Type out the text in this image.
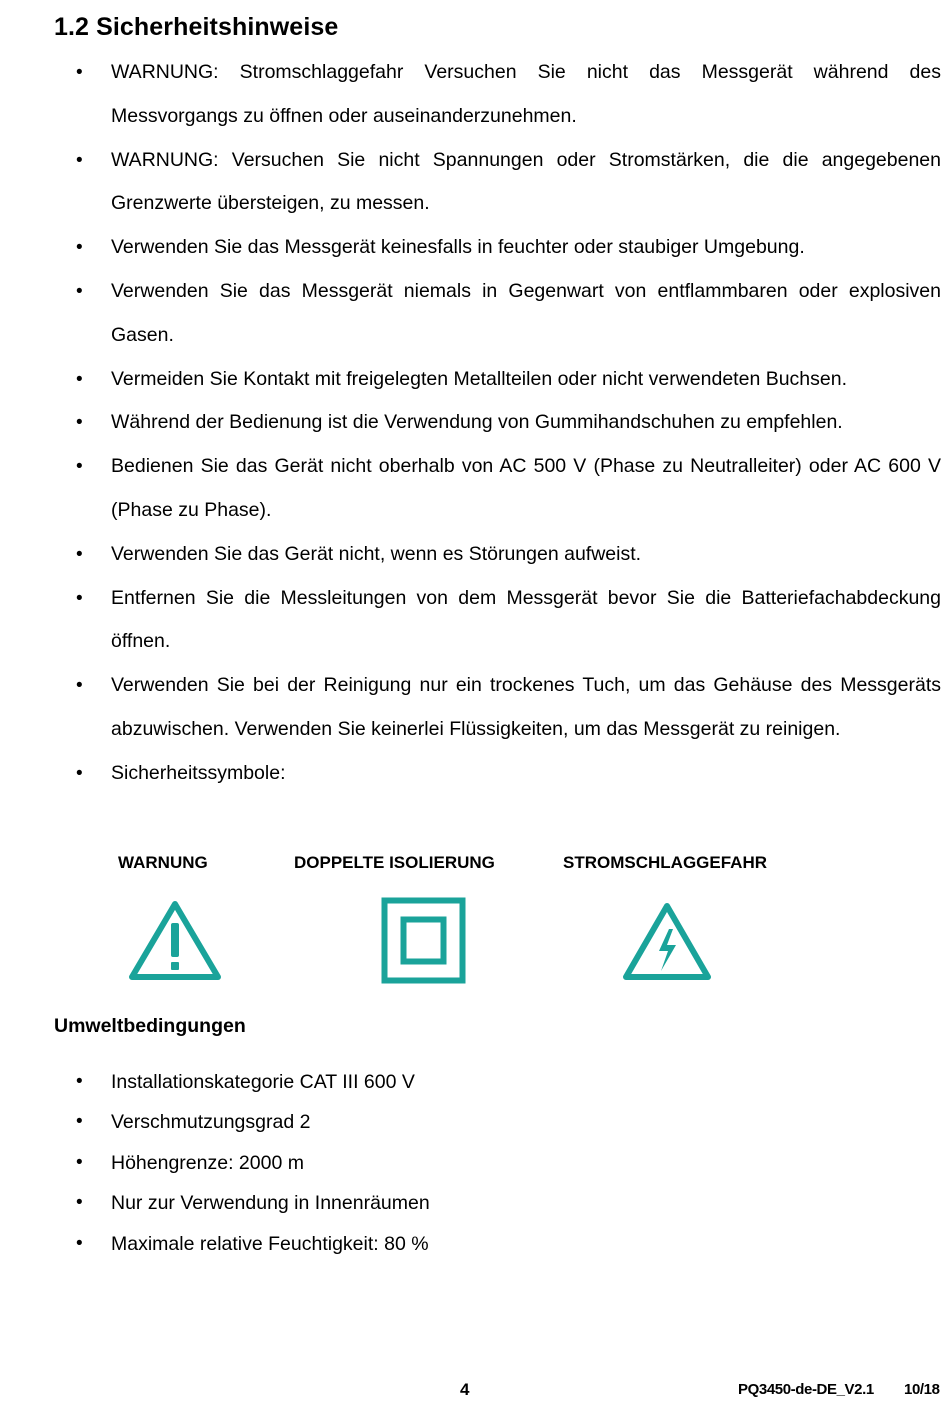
1.2 Sicherheitshinweise
• WARNUNG: Stromschlaggefahr Versuchen Sie nicht das Messgerät während des Messvorgangs zu öffnen oder auseinanderzunehmen.
• WARNUNG: Versuchen Sie nicht Spannungen oder Stromstärken, die die angegebenen Grenzwerte übersteigen, zu messen.
• Verwenden Sie das Messgerät keinesfalls in feuchter oder staubiger Umgebung.
• Verwenden Sie das Messgerät niemals in Gegenwart von entflammbaren oder explosiven Gasen.
• Vermeiden Sie Kontakt mit freigelegten Metallteilen oder nicht verwendeten Buchsen.
• Während der Bedienung ist die Verwendung von Gummihandschuhen zu empfehlen.
• Bedienen Sie das Gerät nicht oberhalb von AC 500 V (Phase zu Neutralleiter) oder AC 600 V (Phase zu Phase).
• Verwenden Sie das Gerät nicht, wenn es Störungen aufweist.
• Entfernen Sie die Messleitungen von dem Messgerät bevor Sie die Batteriefachabdeckung öffnen.
• Verwenden Sie bei der Reinigung nur ein trockenes Tuch, um das Gehäuse des Messgeräts abzuwischen. Verwenden Sie keinerlei Flüssigkeiten, um das Messgerät zu reinigen.
• Sicherheitssymbole:

WARNUNG	DOPPELTE ISOLIERUNG	STROMSCHLAGGEFAHR

Umweltbedingungen
• Installationskategorie CAT III 600 V
• Verschmutzungsgrad 2
• Höhengrenze: 2000 m
• Nur zur Verwendung in Innenräumen
• Maximale relative Feuchtigkeit: 80 %
4	PQ3450-de-DE_V2.1 10/18
